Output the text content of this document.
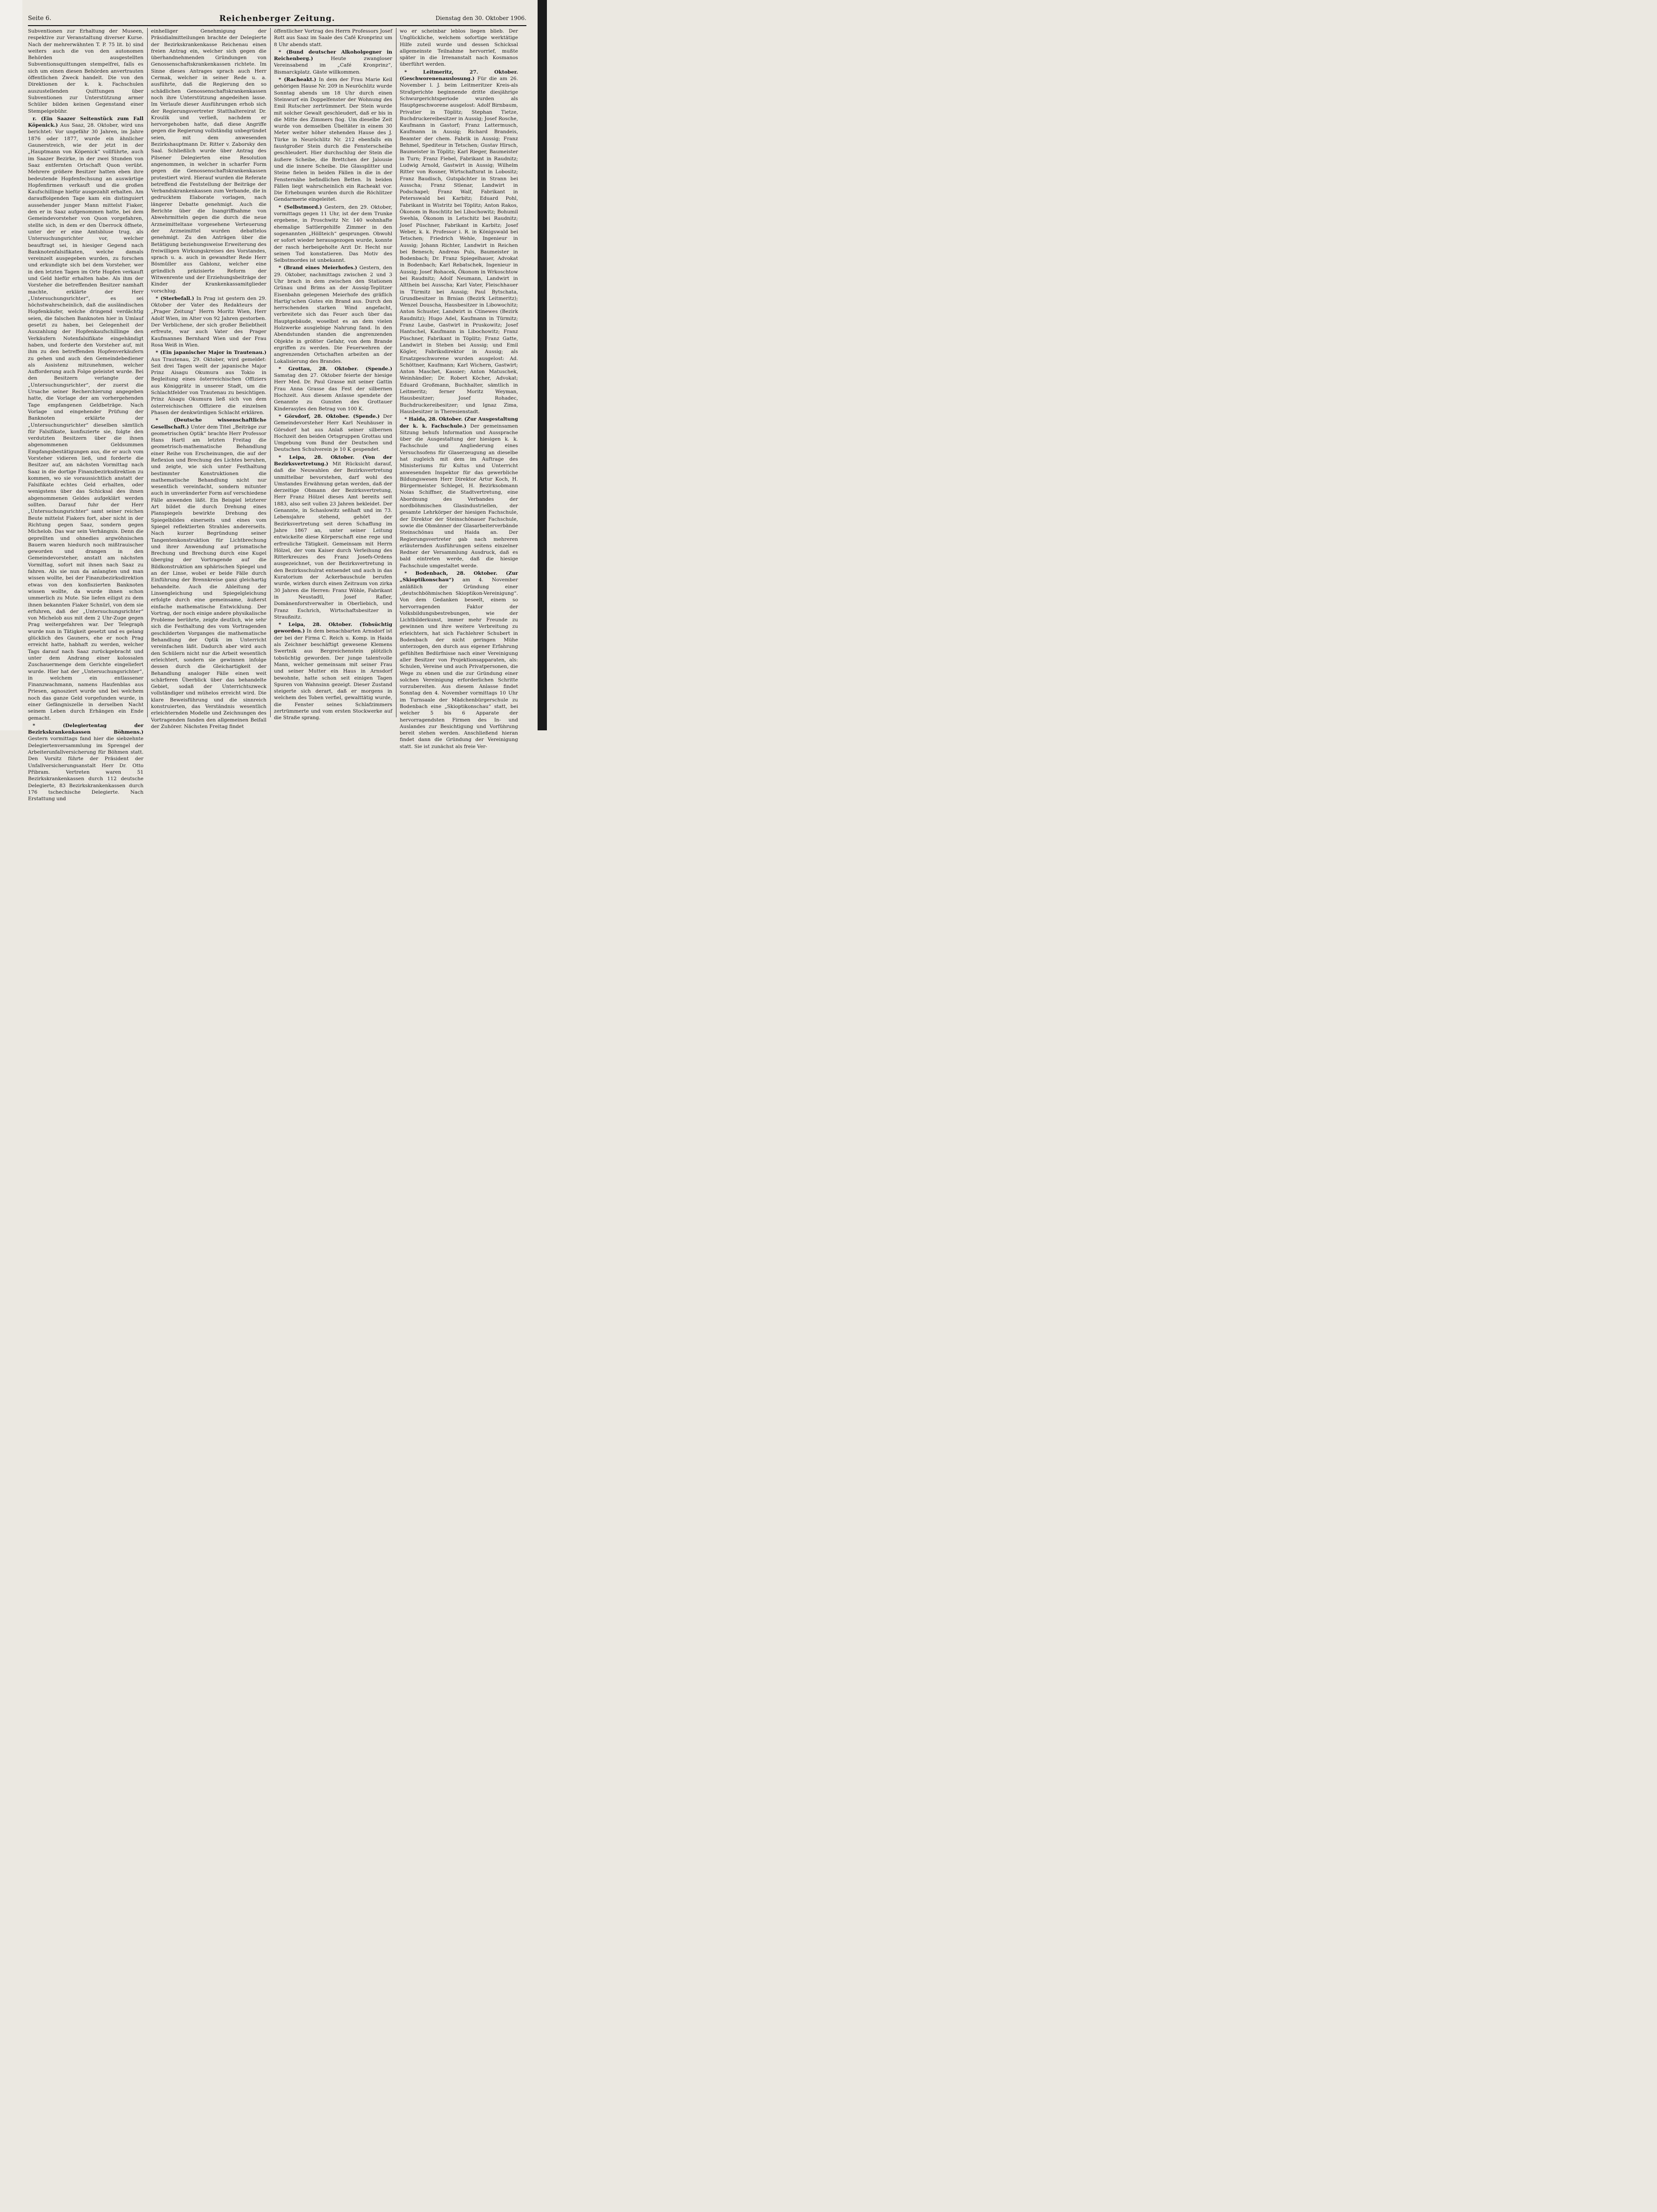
Seite 6.	Reichenberger Zeitung.	Dienstag den 30. Oktober 1906.

Subventionen zur Erhaltung der Museen, respektive zur Veranstaltung diverser Kurse. Nach der mehrerwähnten T. P. 75 lit. b) sind weiters auch die von den autonomen Behörden ausgestellten Subventionsquittungen stempelfrei, falls es sich um einen diesen Behörden anvertrauten öffentlichen Zweck handelt. Die von den Direktionen der k. k. Fachschulen auszustellenden Quittungen über Subventionen zur Unterstützung armer Schüler bilden keinen Gegenstand einer Stempelgebühr.

r. (Ein Saazer Seitenstück zum Fall Köpenick.) Aus Saaz, 28. Oktober, wird uns berichtet: Vor ungefähr 30 Jahren, im Jahre 1876 oder 1877, wurde ein ähnlicher Gaunerstreich, wie der jetzt in der „Hauptmann von Köpenick“ vollführte, auch im Saazer Bezirke, in der zwei Stunden von Saaz entfernten Ortschaft Quon verübt. Mehrere größere Besitzer hatten eben ihre bedeutende Hopfenfechsung an auswärtige Hopfenfirmen verkauft und die großen Kaufschillinge hiefür ausgezahlt erhalten. Am darauffolgenden Tage kam ein distinguiert aussehender junger Mann mittelst Fiaker, den er in Saaz aufgenommen hatte, bei dem Gemeindevorsteher von Quon vorgefahren, stellte sich, in dem er den Überrock öffnete, unter der er eine Amtsbluse trug, als Untersuchungsrichter vor, welcher beauftragt sei, in hiesiger Gegend nach Banknotenfalsifikaten, welche damals vereinzelt ausgegeben wurden, zu forschen und erkundigte sich bei dem Vorsteher, wer in den letzten Tagen im Orte Hopfen verkauft und Geld hiefür erhalten habe. Als ihm der Vorsteher die betreffenden Besitzer namhaft machte, erklärte der Herr „Untersuchungsrichter“, es sei höchstwahrscheinlich, daß die ausländischen Hopfenkäufer, welche dringend verdächtig seien, die falschen Banknoten hier in Umlauf gesetzt zu haben, bei Gelegenheit der Auszahlung der Hopfenkaufschillinge den Verkäufern Notenfalsifikate eingehändigt haben, und forderte den Vorsteher auf, mit ihm zu den betreffenden Hopfenverkäufern zu gehen und auch den Gemeindebediener als Assistenz mitzunehmen, welcher Aufforderung auch Folge geleistet wurde. Bei den Besitzern verlangte der „Untersuchungsrichter“, der zuerst die Ursache seiner Recherchierung angegeben hatte, die Vorlage der am vorhergehenden Tage empfangenen Geldbeträge. Nach Vorlage und eingehender Prüfung der Banknoten erklärte der „Untersuchungsrichter“ dieselben sämtlich für Falsifikate, konfiszierte sie, folgte den verdutzten Besitzern über die ihnen abgenommenen Geldsummen Empfangsbestätigungen aus, die er auch vom Vorsteher vidieren ließ, und forderte die Besitzer auf, am nächsten Vormittag nach Saaz in die dortige Finanzbezirksdirektion zu kommen, wo sie voraussichtlich anstatt der Falsifikate echtes Geld erhalten, oder wenigstens über das Schicksal des ihnen abgenommenen Geldes aufgeklärt werden sollten. Darauf fuhr der Herr „Untersuchungsrichter“ samt seiner reichen Beute mittelst Fiakers fort, aber nicht in der Richtung gegen Saaz, sondern gegen Michelob. Das war sein Verhängnis. Denn die geprellten und ohnedies argwöhnischen Bauern waren hiedurch noch mißtrauischer geworden und drangen in den Gemeindevorsteher, anstatt am nächsten Vormittag, sofort mit ihnen nach Saaz zu fahren. Als sie nun da anlangten und man wissen wollte, bei der Finanzbezirksdirektion etwas von den konfiszierten Banknoten wissen wollte, da wurde ihnen schon ummerlich zu Mute. Sie liefen eiligst zu dem ihnen bekannten Fiaker Schnürl, von dem sie erfuhren, daß der „Untersuchungsrichter“ von Michelob aus mit dem 2 Uhr-Zuge gegen Prag weitergefahren war. Der Telegraph wurde nun in Tätigkeit gesetzt und es gelang glücklich des Gauners, ehe er noch Prag erreicht hatte, habhaft zu werden, welcher Tags darauf nach Saaz zurückgebracht und unter dem Andrang einer kolossalen Zuschauermenge dem Gerichte eingeliefert wurde. Hier hat der „Untersuchungsrichter“, in welchem ein entlassener Finanzwachmann, namens Haufenblas aus Priesen, agnosziert wurde und bei welchem noch das ganze Geld vorgefunden wurde, in einer Gefängniszelle in derselben Nacht seinem Leben durch Erhängen ein Ende gemacht.

* (Delegiertentag der Bezirkskrankenkassen Böhmens.) Gestern vormittags fand hier die siebzehnte Delegiertenversammlung im Sprengel der Arbeiterunfallversicherung für Böhmen statt. Den Vorsitz führte der Präsident der Unfallversicherungsanstalt Herr Dr. Otto Přibram. Vertreten waren 51 Bezirkskrankenkassen durch 112 deutsche Delegierte, 83 Bezirkskrankenkassen durch 176 tschechische Delegierte. Nach Erstattung und

einhelliger Genehmigung der Präsidialmitteilungen brachte der Delegierte der Bezirkskrankenkasse Reichenau einen freien Antrag ein, welcher sich gegen die überhandnehmenden Gründungen von Genossenschaftskrankenkassen richtete. Im Sinne dieses Antrages sprach auch Herr Cermak, welcher in seiner Rede u. a. ausführte, daß die Regierung den so schädlichen Genossenschaftskrankenkassen noch ihre Unterstützung angedeihen lasse. Im Verlaufe dieser Ausführungen erhob sich der Regierungsvertreter Statthaltereirat Dr. Kroulik und verließ, nachdem er hervorgehoben hatte, daß diese Angriffe gegen die Regierung vollständig unbegründet seien, mit dem anwesenden Bezirkshauptmann Dr. Ritter v. Zaborsky den Saal. Schließlich wurde über Antrag des Pilsener Delegierten eine Resolution angenommen, in welcher in scharfer Form gegen die Genossenschaftskrankenkassen protestiert wird. Hierauf wurden die Referate betreffend die Feststellung der Beiträge der Verbandskrankenkassen zum Verbande, die in gedrucktem Elaborate vorlagen, nach längerer Debatte genehmigt. Auch die Berichte über die Inangriffnahme von Abwehrmitteln gegen die durch die neue Arzneimitteltaxe vorgesehene Verteuerung der Arzneimittel wurden debattelos genehmigt. Zu den Anträgen über die Betätigung beziehungsweise Erweiterung des freiwilligen Wirkungskreises des Vorstandes, sprach u. a. auch in gewandter Rede Herr Bösmüller aus Gablonz, welcher eine gründlich präzisierte Reform der Witwenrente und der Erziehungsbeiträge der Kinder der Krankenkassamitglieder vorschlug.

* (Sterbefall.) In Prag ist gestern den 29. Oktober der Vater des Redakteurs der „Prager Zeitung“ Herrn Moritz Wien, Herr Adolf Wien, im Alter von 92 Jahren gestorben. Der Verblichene, der sich großer Beliebtheit erfreute, war auch Vater des Prager Kaufmannes Bernhard Wien und der Frau Rosa Weiß in Wien.

* (Ein japanischer Major in Trautenau.) Aus Trautenau, 29. Oktober, wird gemeldet: Seit drei Tagen weilt der japanische Major Prinz Aisagu Okumura aus Tokio in Begleitung eines österreichischen Offiziers aus Königgrätz in unserer Stadt, um die Schlachtfelder von Trautenau zu besichtigen. Prinz Aisagu Okumura ließ sich von dem österreichischen Offiziere die einzelnen Phasen der denkwürdigen Schlacht erklären.

* (Deutsche wissenschaftliche Gesellschaft.) Unter dem Titel „Beiträge zur geometrischen Optik“ brachte Herr Professor Hans Hartl am letzten Freitag die geometrisch-mathematische Behandlung einer Reihe von Erscheinungen, die auf der Reflexion und Brechung des Lichtes beruhen, und zeigte, wie sich unter Festhaltung bestimmter Konstruktionen die mathematische Behandlung nicht nur wesentlich vereinfacht, sondern mitunter auch in unveränderter Form auf verschiedene Fälle anwenden läßt. Ein Beispiel letzterer Art bildet die durch Drehung eines Planspiegels bewirkte Drehung des Spiegelbildes einerseits und eines vom Spiegel reflektierten Strahles andererseits. Nach kurzer Begründung seiner Tangentenkonstruktion für Lichtbrechung und ihrer Anwendung auf prismatische Brechung und Brechung durch eine Kugel überging der Vortragende auf die Bildkonstruktion am sphärischen Spiegel und an der Linse, wobei er beide Fälle durch Einführung der Brennkreise ganz gleichartig behandelte. Auch die Ableitung der Linsengleichung und Spiegelgleichung erfolgte durch eine gemeinsame, äußerst einfache mathematische Entwicklung. Der Vortrag, der noch einige andere physikalische Probleme berührte, zeigte deutlich, wie sehr sich die Festhaltung des vom Vortragenden geschilderten Vorganges die mathematische Behandlung der Optik im Unterricht vereinfachen läßt. Dadurch aber wird auch den Schülern nicht nur die Arbeit wesentlich erleichtert, sondern sie gewinnen infolge dessen durch die Gleichartigkeit der Behandlung analoger Fälle einen weit schärferen Überblick über das behandelte Gebiet, sodaß der Unterrichtszweck vollständiger und mühelos erreicht wird. Die klare Beweisführung und die sinnreich konstruierten, das Verständnis wesentlich erleichternden Modelle und Zeichnungen des Vortragenden fanden den allgemeinen Beifall der Zuhörer. Nächsten Freitag findet

öffentlicher Vortrag des Herrn Professors Josef Rott aus Saaz im Saale des Café Kronprinz um 8 Uhr abends statt.

* (Bund deutscher Alkoholgegner in Reichenberg.)	Heute zwangloser Vereinsabend im „Café Kronprinz“, Bismarckplatz. Gäste willkommen.

* (Racheakt.) In dem der Frau Marie Keil gehörigen Hause Nr. 209 in Neuröchlitz wurde Sonntag abends um 18 Uhr durch einen Steinwurf ein Doppelfenster der Wohnung des Emil Rutscher zertrümmert. Der Stein wurde mit solcher Gewalt geschleudert, daß er bis in die Mitte des Zimmers flog. Um dieselbe Zeit wurde von demselben Übeltäter in einem 30 Meter weiter höher stehenden Hause des J. Türke in Neuröchlitz Nr. 212 ebenfalls ein faustgroßer Stein durch die Fensterscheibe geschleudert. Hier durchschlug der Stein die äußere Scheibe, die Brettchen der Jalousie und die innere Scheibe. Die Glassplitter und Steine fielen in beiden Fällen in die in der Fensternähe befindlichen Betten. In beiden Fällen liegt wahrscheinlich ein Racheakt vor. Die Erhebungen wurden durch die Röchlitzer Gendarmerie eingeleitet.

* (Selbstmord.) Gestern, den 29. Oktober, vormittags gegen 11 Uhr, ist der dem Trunke ergebene, in Proschwitz Nr. 140 wohnhafte ehemalige Sattlergehilfe Zimmer in den sogenannten „Höllteich“ gesprungen. Obwohl er sofort wieder herausgezogen wurde, konnte der rasch herbeigeholte Arzt Dr. Hecht nur seinen Tod konstatieren. Das Motiv des Selbstmordes ist unbekannt.

* (Brand eines Meierhofes.) Gestern, den 29. Oktober, nachmittags zwischen 2 und 3 Uhr brach in dem zwischen den Stationen Grünau und Brims an der Aussig-Teplitzer Eisenbahn gelegenen Meierhofe des gräflich Hartig'schen Gutes ein Brand aus. Durch den herrschenden starken Wind angefacht, verbreitete sich das Feuer auch über das Hauptgebäude, woselbst es an dem vielen Holzwerke ausgiebige Nahrung fand. In den Abendstunden standen die angrenzenden Objekte in größter Gefahr, von dem Brande ergriffen zu werden. Die Feuerwehren der angrenzenden Ortschaften arbeiten an der Lokalisierung des Brandes.

* Grottau, 28. Oktober. (Spende.) Samstag den 27. Oktober feierte der hiesige Herr Med. Dr. Paul Grasse mit seiner Gattin Frau Anna Grasse das Fest der silbernen Hochzeit. Aus diesem Anlasse spendete der Genannte zu Gunsten des Grottauer Kinderasyles den Betrag von 100 K.

* Görsdorf, 28. Oktober. (Spende.) Der Gemeindevorsteher Herr Karl Neuhäuser in Görsdorf hat aus Anlaß seiner silbernen Hochzeit den beiden Ortsgruppen Grottau und Umgebung vom Bund der Deutschen und Deutschen Schulverein je 10 K gespendet.

* Leipa, 28. Oktober. (Von der Bezirksvertretung.) Mit Rücksicht darauf, daß die Neuwahlen der Bezirksvertretung unmittelbar bevorstehen, darf wohl des Umstandes Erwähnung getan werden, daß der derzeitige Obmann der Bezirksvertretung, Herr Franz Hölzel dieses Amt bereits seit 1883, also seit vollen 23 Jahren bekleidet. Der Genannte, in Schaslowitz seßhaft und im 73. Lebensjahre stehend, gehört der Bezirksvertretung seit deren Schaffung im Jahre 1867 an, unter seiner Leitung entwickelte diese Körperschaft eine rege und erfreuliche Tätigkeit. Gemeinsam mit Herrn Hölzel, der vom Kaiser durch Verleihung des Ritterkreuzes des Franz Josefs-Ordens ausgezeichnet, von der Bezirksvertretung in den Bezirksschulrat entsendet und auch in das Kuratorium der Ackerbauschule berufen wurde, wirken durch einen Zeitraum von zirka 30 Jahren die Herren: Franz Wöhle, Fabrikant in Neustadtl, Josef Rafler, Domänenforstverwalter in Oberliebich, und Franz Eschrich, Wirtschaftsbesitzer in Straußnitz.

* Leipa, 28. Oktober. (Tobsüchtig geworden.) In dem benachbarten Arnsdorf ist der bei der Firma C. Reich u. Komp. in Haida als Zeichner beschäftigt gewesene Klemens Swertnik aus Bergreichenstein plötzlich tobsüchtig geworden. Der junge talentvolle Mann, welcher gemeinsam mit seiner Frau und seiner Mutter ein Haus in Arnsdorf bewohnte, hatte schon seit einigen Tagen Spuren von Wahnsinn gezeigt. Dieser Zustand steigerte sich derart, daß er morgens in welchem des Toben verfiel, gewalttätig wurde, die Fenster seines Schlafzimmers zertrümmerte und vom ersten Stockwerke auf die Straße sprang.

wo er scheinbar leblos liegen blieb. Der Unglückliche, welchem sofortige werktätige Hilfe zuteil wurde und dessen Schicksal allgemeinste Teilnahme hervorrief, mußte später in die Irrenanstalt nach Kosmanos überführt werden.

* Leitmeritz, 27. Oktober. (Geschworenenauslosung.) Für die am 26. November l. J. beim Leitmeritzer Kreis-als Strafgerichte beginnende dritte diesjährige Schwurgerichtsperiode wurden als Hauptgeschworene ausgelost: Adolf Birnbaum, Privatier in Töplitz; Stephan Tietze, Buchdruckereibesitzer in Aussig; Josef Rosche, Kaufmann in Gastorf; Franz Lattermusch, Kaufmann in Aussig; Richard Brandeis, Beamter der chem. Fabrik in Aussig; Franz Behmel, Spediteur in Tetschen; Gustav Hirsch, Baumeister in Töplitz; Karl Rieger, Baumeister in Turn; Franz Fiebel, Fabrikant in Raudnitz; Ludwig Arnold, Gastwirt in Aussig; Wilhelm Ritter von Rosner, Wirtschaftsrat in Lobositz; Franz Baudisch, Gutspächter in Strann bei Ausscha; Franz Stlenar, Landwirt in Podschapel; Franz Walf, Fabrikant in Petersswald bei Karbitz; Eduard Pohl, Fabrikant in Wistritz bei Töplitz; Anton Rakos, Ökonom in Roschtitz bei Libochowitz; Bohumil Swehla, Ökonom in Letschitz bei Raudnitz; Josef Püschner, Fabrikant in Karbitz; Josef Weber, k. k. Professor i. R. in Königswald bei Tetschen; Friedrich Wehle, Ingenieur in Aussig; Johann Richter, Landwirt in Reichen bei Benesch; Andreas Puls, Baumeister in Bodenbach; Dr. Franz Spiegelhauer, Advokat in Bodenbach; Karl Rebatschek, Ingenieur in Aussig; Josef Rohacek, Ökonom in Wrkoschtow bei Raudnitz; Adolf Neumann, Landwirt in Altthein bei Ausscha; Karl Vater, Fleischhauer in Türmitz bei Aussig; Paul Bytschata, Grundbesitzer in Brnian (Bezirk Leitmeritz); Wenzel Douscha, Hausbesitzer in Libowochitz; Anton Schuster, Landwirt in Ctinewes (Bezirk Raudnitz); Hugo Adel, Kaufmann in Türmitz; Franz Laube, Gastwirt in Pruskowitz; Josef Hantschel, Kaufmann in Libochowitz; Franz Püschner, Fabrikant in Töplitz; Franz Gatte, Landwirt in Steben bei Aussig; und Emil Kögler, Fabriksdirektor in Aussig; als Ersatzgeschworene wurden ausgelost: Ad. Schöttner, Kaufmann; Karl Wichern, Gastwirt; Anton Maschet, Kassier; Anton Matuschek, Weinhändler; Dr. Robert Köcher, Advokat; Eduard Großmann, Buchhalter, sämtlich in Leitmeritz; ferner Moritz Weyman, Hausbesitzer; Josef Rohadec, Buchdruckereibesitzer; und Ignaz Zima, Hausbesitzer in Theresienstadt.

* Haida, 28. Oktober. (Zur Ausgestaltung der k. k. Fachschule.) Der gemeinsamen Sitzung behufs Information und Aussprache über die Ausgestaltung der hiesigen k. k. Fachschule und Angliederung eines Versuchsofens für Glaserzeugung an dieselbe hat zugleich mit dem im Auftrage des Ministeriums für Kultus und Unterricht anwesenden Inspektor für das gewerbliche Bildungswesen Herr Direktor Artur Koch, H. Bürgermeister Schlegel, H. Bezirksobmann Noias Schiffner, die Stadtvertretung, eine Abordnung des Verbandes der nordböhmischen Glasindustriellen, der gesamte Lehrkörper der hiesigen Fachschule, der Direktor der Steinschönauer Fachschule, sowie die Obmänner der Glasarbeiterverbände Steinschönau und Haida an. Der Regierungsvertreter gab nach mehreren erläuternden Ausführungen seitens einzelner Redner der Versammlung Ausdruck, daß es bald eintreten werde, daß die hiesige Fachschule umgestaltet werde.

* Bodenbach, 28. Oktober. (Zur „Skioptikonschau“) am 4. November anläßlich der Gründung einer „deutschböhmischen Skioptikon-Vereinigung“. Von dem Gedanken beseelt, einem so hervorragenden Faktor der Volksbildungsbestrebungen, wie der Lichtbilderkunst, immer mehr Freunde zu gewinnen und ihre weitere Verbreitung zu erleichtern, hat sich Fachlehrer Schubert in Bodenbach der nicht geringen Mühe unterzogen, den durch aus eigener Erfahrung gefühlten Bedürfnisse nach einer Vereinigung aller Besitzer von Projektionsapparaten, als: Schulen, Vereine und auch Privatpersonen, die Wege zu ebnen und die zur Gründung einer solchen Vereinigung erforderlichen Schritte vorzubereiten. Aus diesem Anlasse findet Sonntag den 4. November vormittags 10 Uhr im Turnsaale der Mädchenbürgerschule zu Bodenbach eine „Skioptikonschau“ statt, bei welcher 5 bis 6 Apparate der hervorragendsten Firmen des In- und Auslandes zur Besichtigung und Vorführung bereit stehen werden. Anschließend hieran findet dann die Gründung der Vereinigung statt. Sie ist zunächst als freie Ver-
